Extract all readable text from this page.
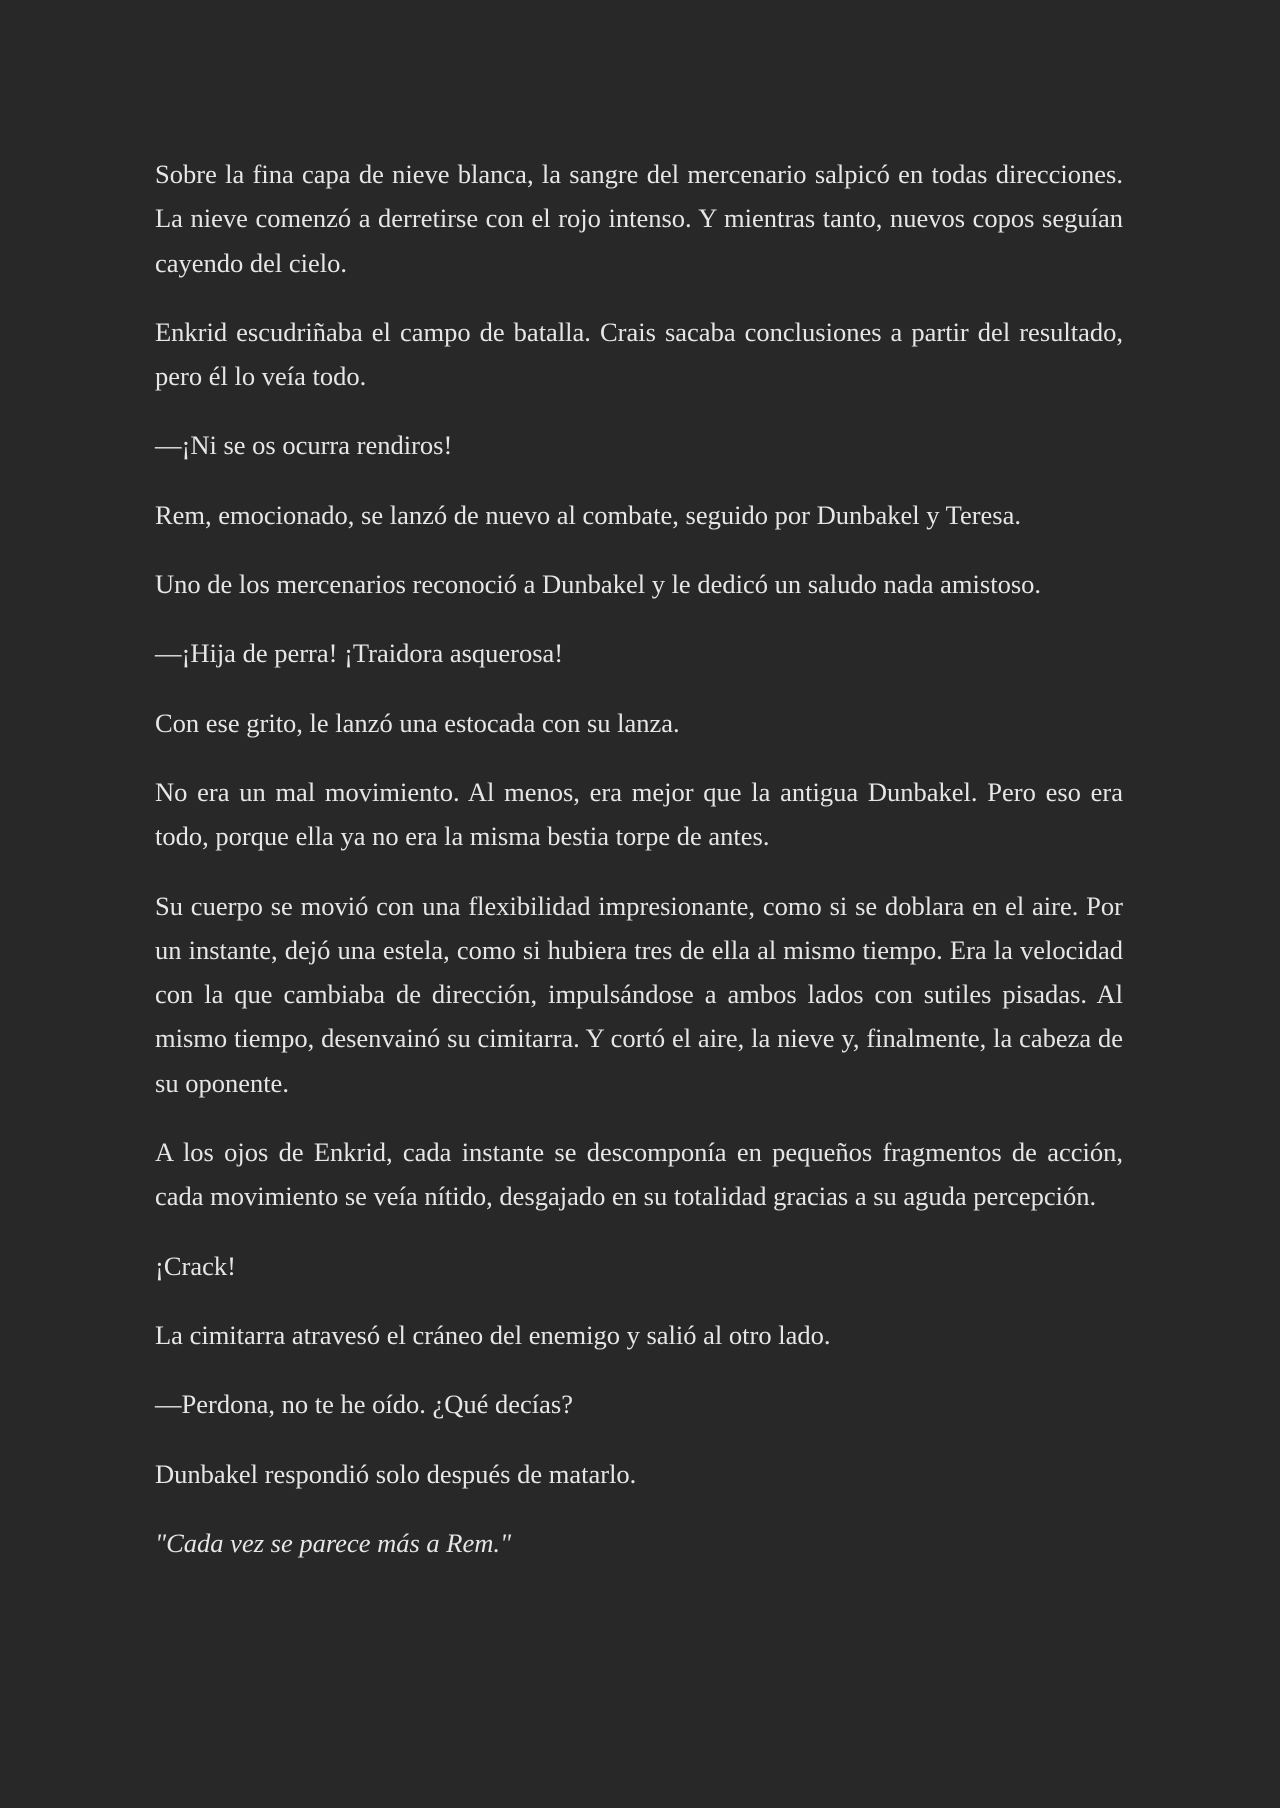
Sobre la fina capa de nieve blanca, la sangre del mercenario salpicó en todas direcciones. La nieve comenzó a derretirse con el rojo intenso. Y mientras tanto, nuevos copos seguían cayendo del cielo.

Enkrid escudriñaba el campo de batalla. Crais sacaba conclusiones a partir del resultado, pero él lo veía todo.

—¡Ni se os ocurra rendiros!

Rem, emocionado, se lanzó de nuevo al combate, seguido por Dunbakel y Teresa.

Uno de los mercenarios reconoció a Dunbakel y le dedicó un saludo nada amistoso.

—¡Hija de perra! ¡Traidora asquerosa!

Con ese grito, le lanzó una estocada con su lanza.

No era un mal movimiento. Al menos, era mejor que la antigua Dunbakel. Pero eso era todo, porque ella ya no era la misma bestia torpe de antes.

Su cuerpo se movió con una flexibilidad impresionante, como si se doblara en el aire. Por un instante, dejó una estela, como si hubiera tres de ella al mismo tiempo. Era la velocidad con la que cambiaba de dirección, impulsándose a ambos lados con sutiles pisadas. Al mismo tiempo, desenvainó su cimitarra. Y cortó el aire, la nieve y, finalmente, la cabeza de su oponente.

A los ojos de Enkrid, cada instante se descomponía en pequeños fragmentos de acción, cada movimiento se veía nítido, desgajado en su totalidad gracias a su aguda percepción.

¡Crack!

La cimitarra atravesó el cráneo del enemigo y salió al otro lado.

—Perdona, no te he oído. ¿Qué decías?

Dunbakel respondió solo después de matarlo.

"Cada vez se parece más a Rem."
